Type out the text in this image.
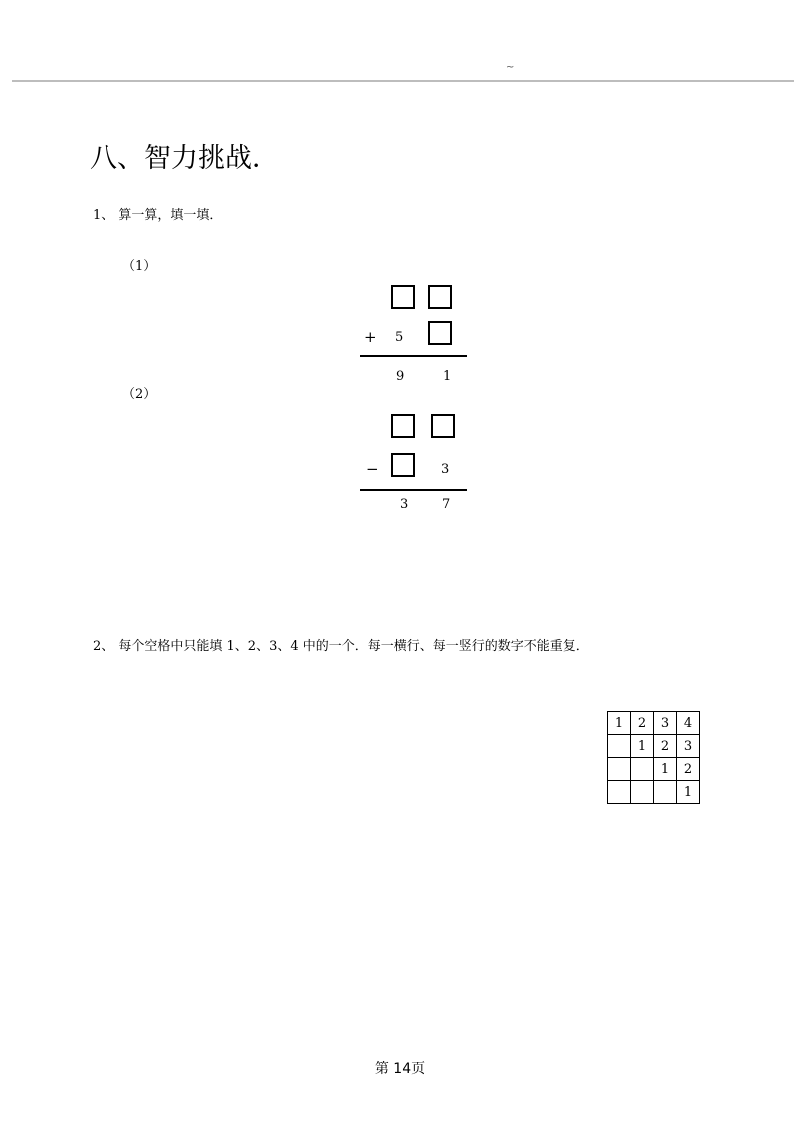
~
八、智力挑战．
1、 算一算，填一填．
（1）
+ 5
9	1
（2）
−	3
3	7
2、 每个空格中只能填 1、2、3、4 中的一个．每一横行、每一竖行的数字不能重复．
1	2	3	4
	1	2	3
		1	2
			1
第 14页
